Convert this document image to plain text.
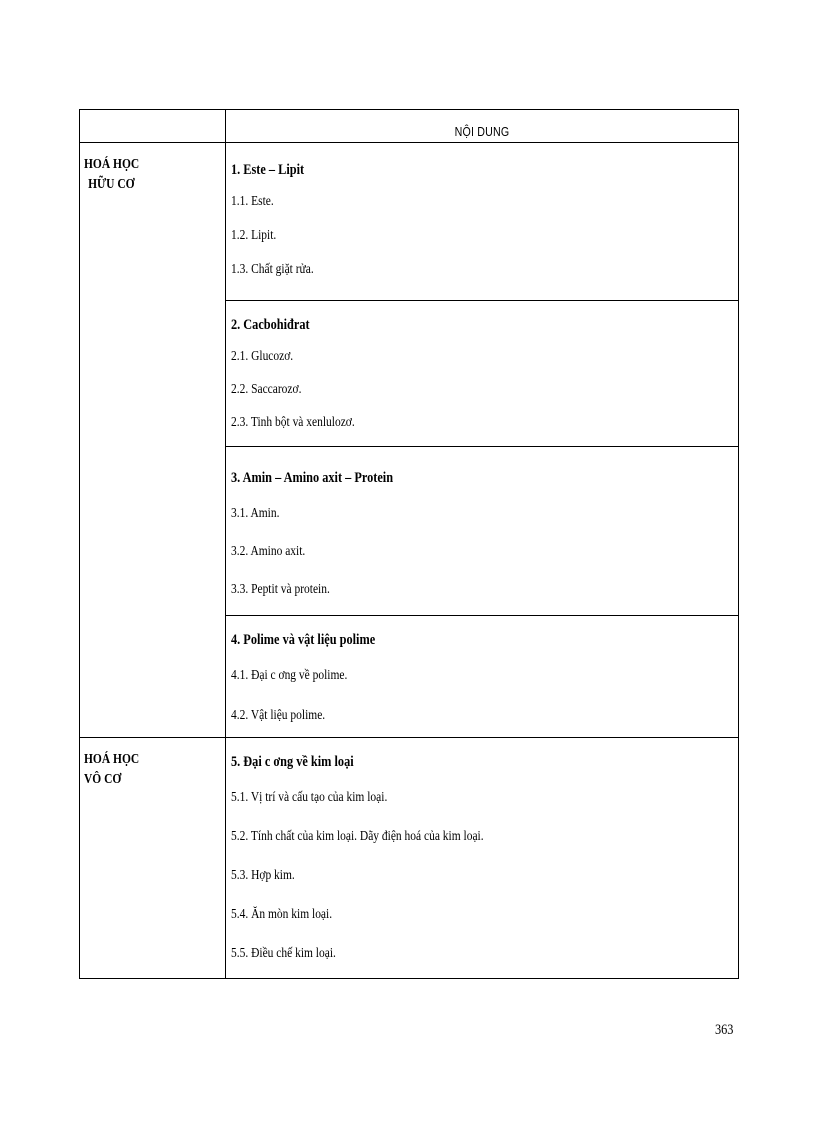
NỘI DUNG
HOÁ HỌC
HỮU CƠ
1. Este – Lipit
1.1. Este.
1.2. Lipit.
1.3. Chất giặt rửa.
2. Cacbohiđrat
2.1. Glucozơ.
2.2. Saccarozơ.
2.3. Tinh bột và xenlulozơ.
3. Amin – Amino axit – Protein
3.1. Amin.
3.2. Amino axit.
3.3. Peptit và protein.
4. Polime và vật liệu polime
4.1. Đại c ơng về polime.
4.2. Vật liệu polime.
HOÁ HỌC
VÔ CƠ
5. Đại c ơng về kim loại
5.1. Vị trí và cấu tạo của kim loại.
5.2. Tính chất của kim loại. Dãy điện hoá của kim loại.
5.3. Hợp kim.
5.4. Ăn mòn kim loại.
5.5. Điều chế kim loại.
363
